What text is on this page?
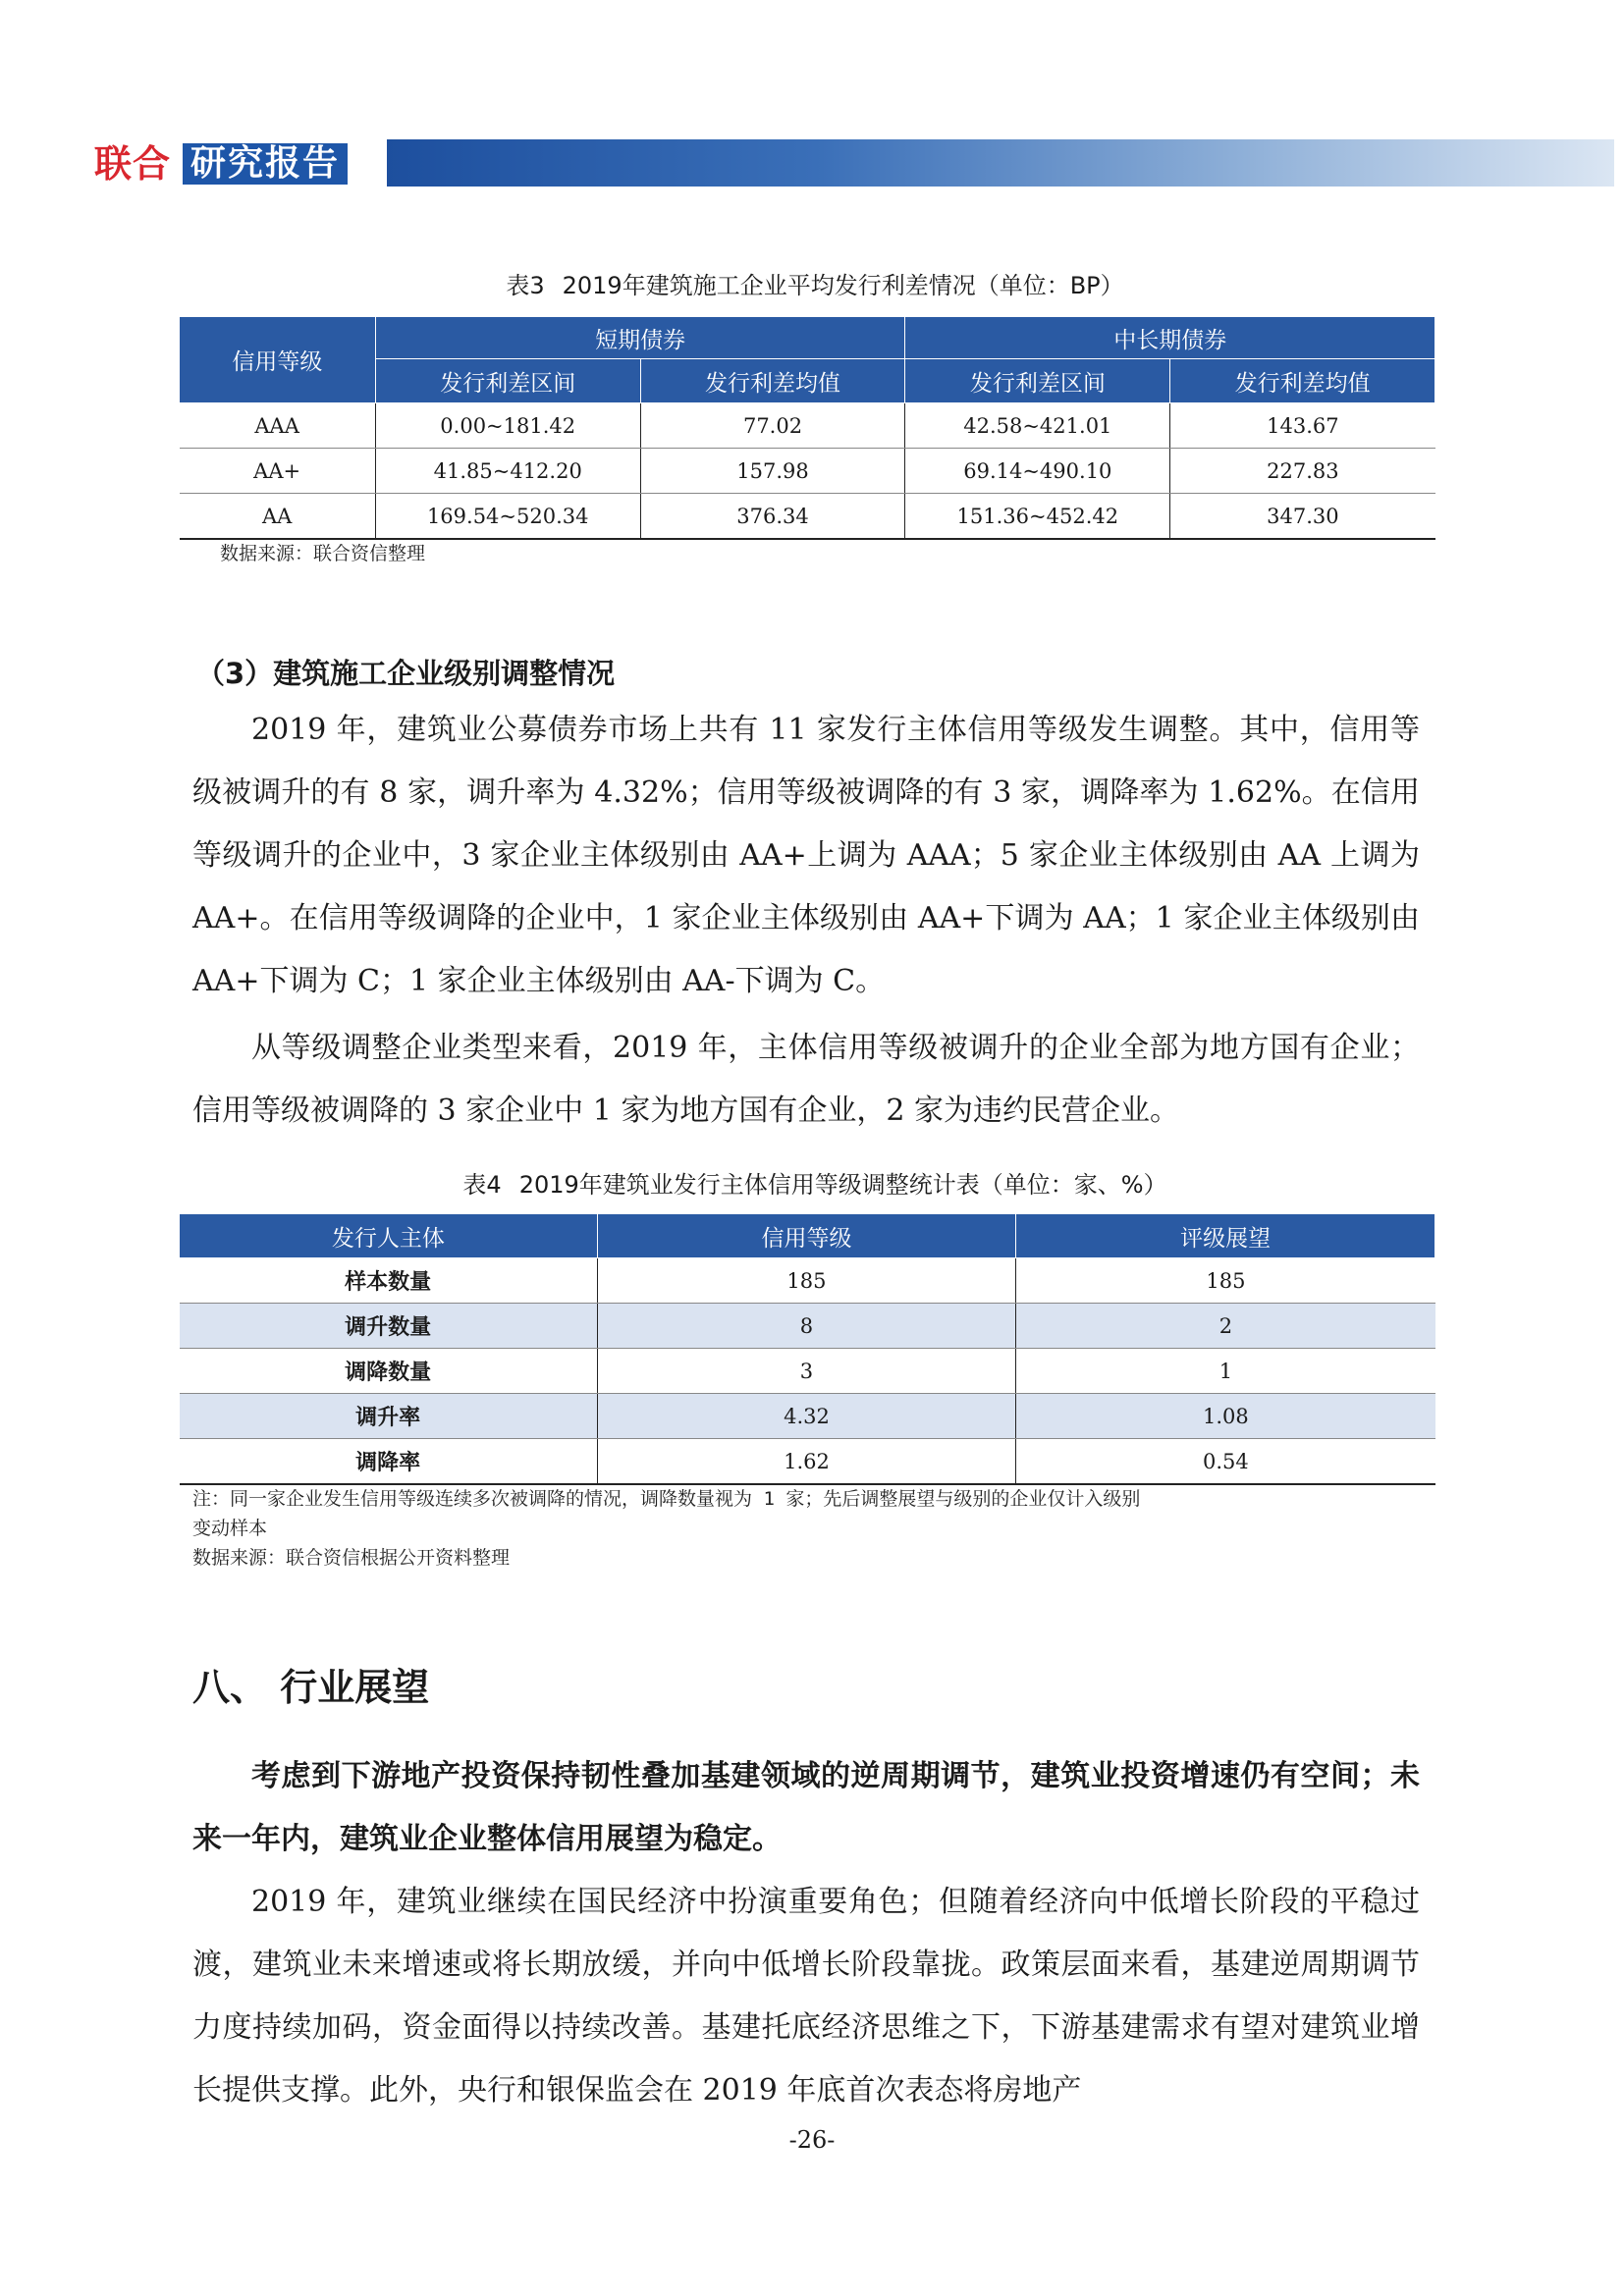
联合 研究报告
表3 2019年建筑施工企业平均发行利差情况（单位：BP）
信用等级	短期债券		中长期债券	
	发行利差区间	发行利差均值	发行利差区间	发行利差均值
AAA	0.00~181.42	77.02	42.58~421.01	143.67
AA+	41.85~412.20	157.98	69.14~490.10	227.83
AA	169.54~520.34	376.34	151.36~452.42	347.30
数据来源：联合资信整理
（3）建筑施工企业级别调整情况

2019 年，建筑业公募债券市场上共有 11 家发行主体信用等级发生调整。其中，信用等级被调升的有 8 家，调升率为 4.32%；信用等级被调降的有 3 家，调降率为 1.62%。在信用等级调升的企业中，3 家企业主体级别由 AA+上调为 AAA；5 家企业主体级别由 AA 上调为 AA+。在信用等级调降的企业中，1 家企业主体级别由 AA+下调为 AA；1 家企业主体级别由 AA+下调为 C；1 家企业主体级别由 AA-下调为 C。

从等级调整企业类型来看，2019 年，主体信用等级被调升的企业全部为地方国有企业；信用等级被调降的 3 家企业中 1 家为地方国有企业，2 家为违约民营企业。

表4 2019年建筑业发行主体信用等级调整统计表（单位：家、%）
发行人主体	信用等级	评级展望
样本数量	185	185
调升数量	8	2
调降数量	3	1
调升率	4.32	1.08
调降率	1.62	0.54
注：同一家企业发生信用等级连续多次被调降的情况，调降数量视为 1 家；先后调整展望与级别的企业仅计入级别
变动样本
数据来源：联合资信根据公开资料整理
八、 行业展望

考虑到下游地产投资保持韧性叠加基建领域的逆周期调节，建筑业投资增速仍有空间；未来一年内，建筑业企业整体信用展望为稳定。

2019 年，建筑业继续在国民经济中扮演重要角色；但随着经济向中低增长阶段的平稳过渡，建筑业未来增速或将长期放缓，并向中低增长阶段靠拢。政策层面来看，基建逆周期调节力度持续加码，资金面得以持续改善。基建托底经济思维之下，下游基建需求有望对建筑业增长提供支撑。此外，央行和银保监会在 2019 年底首次表态将房地产

-26-
